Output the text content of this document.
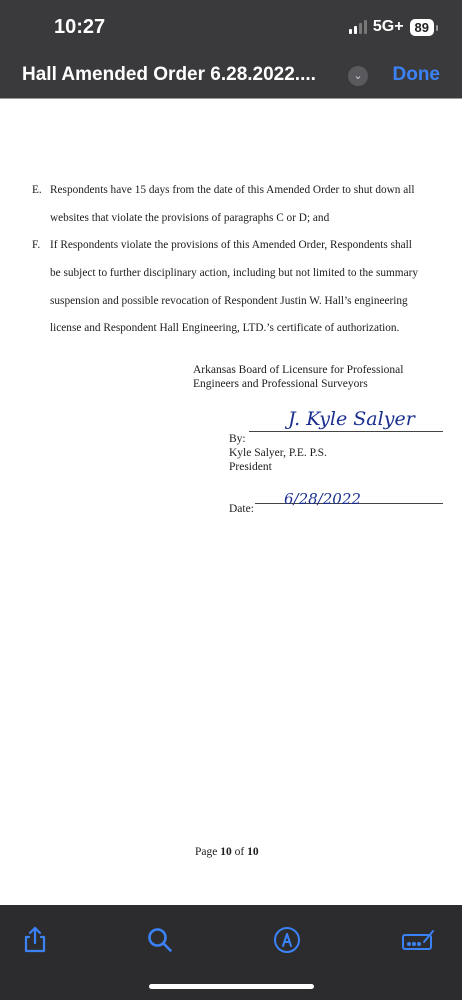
10:27	5G+ 89
Hall Amended Order 6.28.2022....	⌄ Done
E. Respondents have 15 days from the date of this Amended Order to shut down all
websites that violate the provisions of paragraphs C or D; and
F. If Respondents violate the provisions of this Amended Order, Respondents shall
be subject to further disciplinary action, including but not limited to the summary
suspension and possible revocation of Respondent Justin W. Hall’s engineering
license and Respondent Hall Engineering, LTD.’s certificate of authorization.
Arkansas Board of Licensure for Professional
Engineers and Professional Surveyors
By:
J. Kyle Salyer
Kyle Salyer, P.E. P.S.
President
Date:
6/28/2022
Page 10 of 10
